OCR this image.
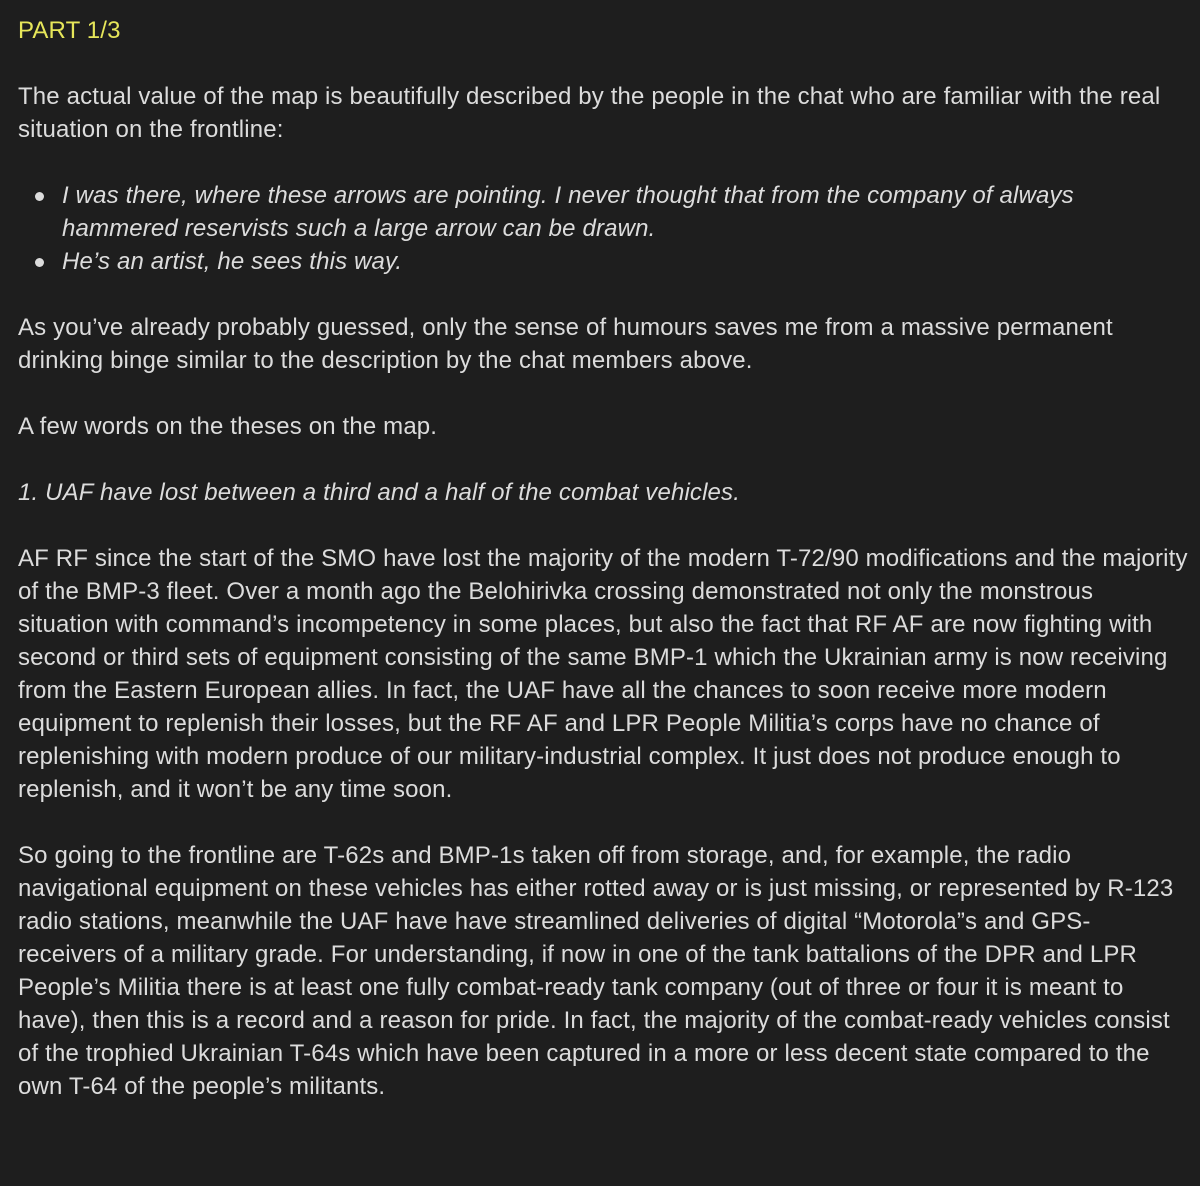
PART 1/3

The actual value of the map is beautifully described by the people in the chat who are familiar with the real situation on the frontline:

I was there, where these arrows are pointing. I never thought that from the company of always hammered reservists such a large arrow can be drawn.
He’s an artist, he sees this way.

As you’ve already probably guessed, only the sense of humours saves me from a massive permanent drinking binge similar to the description by the chat members above.

A few words on the theses on the map.

1. UAF have lost between a third and a half of the combat vehicles.

AF RF since the start of the SMO have lost the majority of the modern T-72/90 modifications and the majority of the BMP-3 fleet. Over a month ago the Belohirivka crossing demonstrated not only the monstrous situation with command’s incompetency in some places, but also the fact that RF AF are now fighting with second or third sets of equipment consisting of the same BMP-1 which the Ukrainian army is now receiving from the Eastern European allies. In fact, the UAF have all the chances to soon receive more modern equipment to replenish their losses, but the RF AF and LPR People Militia’s corps have no chance of replenishing with modern produce of our military-industrial complex. It just does not produce enough to replenish, and it won’t be any time soon.

So going to the frontline are T-62s and BMP-1s taken off from storage, and, for example, the radio navigational equipment on these vehicles has either rotted away or is just missing, or represented by R-123 radio stations, meanwhile the UAF have have streamlined deliveries of digital “Motorola”s and GPS-receivers of a military grade. For understanding, if now in one of the tank battalions of the DPR and LPR People’s Militia there is at least one fully combat-ready tank company (out of three or four it is meant to have), then this is a record and a reason for pride. In fact, the majority of the combat-ready vehicles consist of the trophied Ukrainian T-64s which have been captured in a more or less decent state compared to the own T-64 of the people’s militants.
